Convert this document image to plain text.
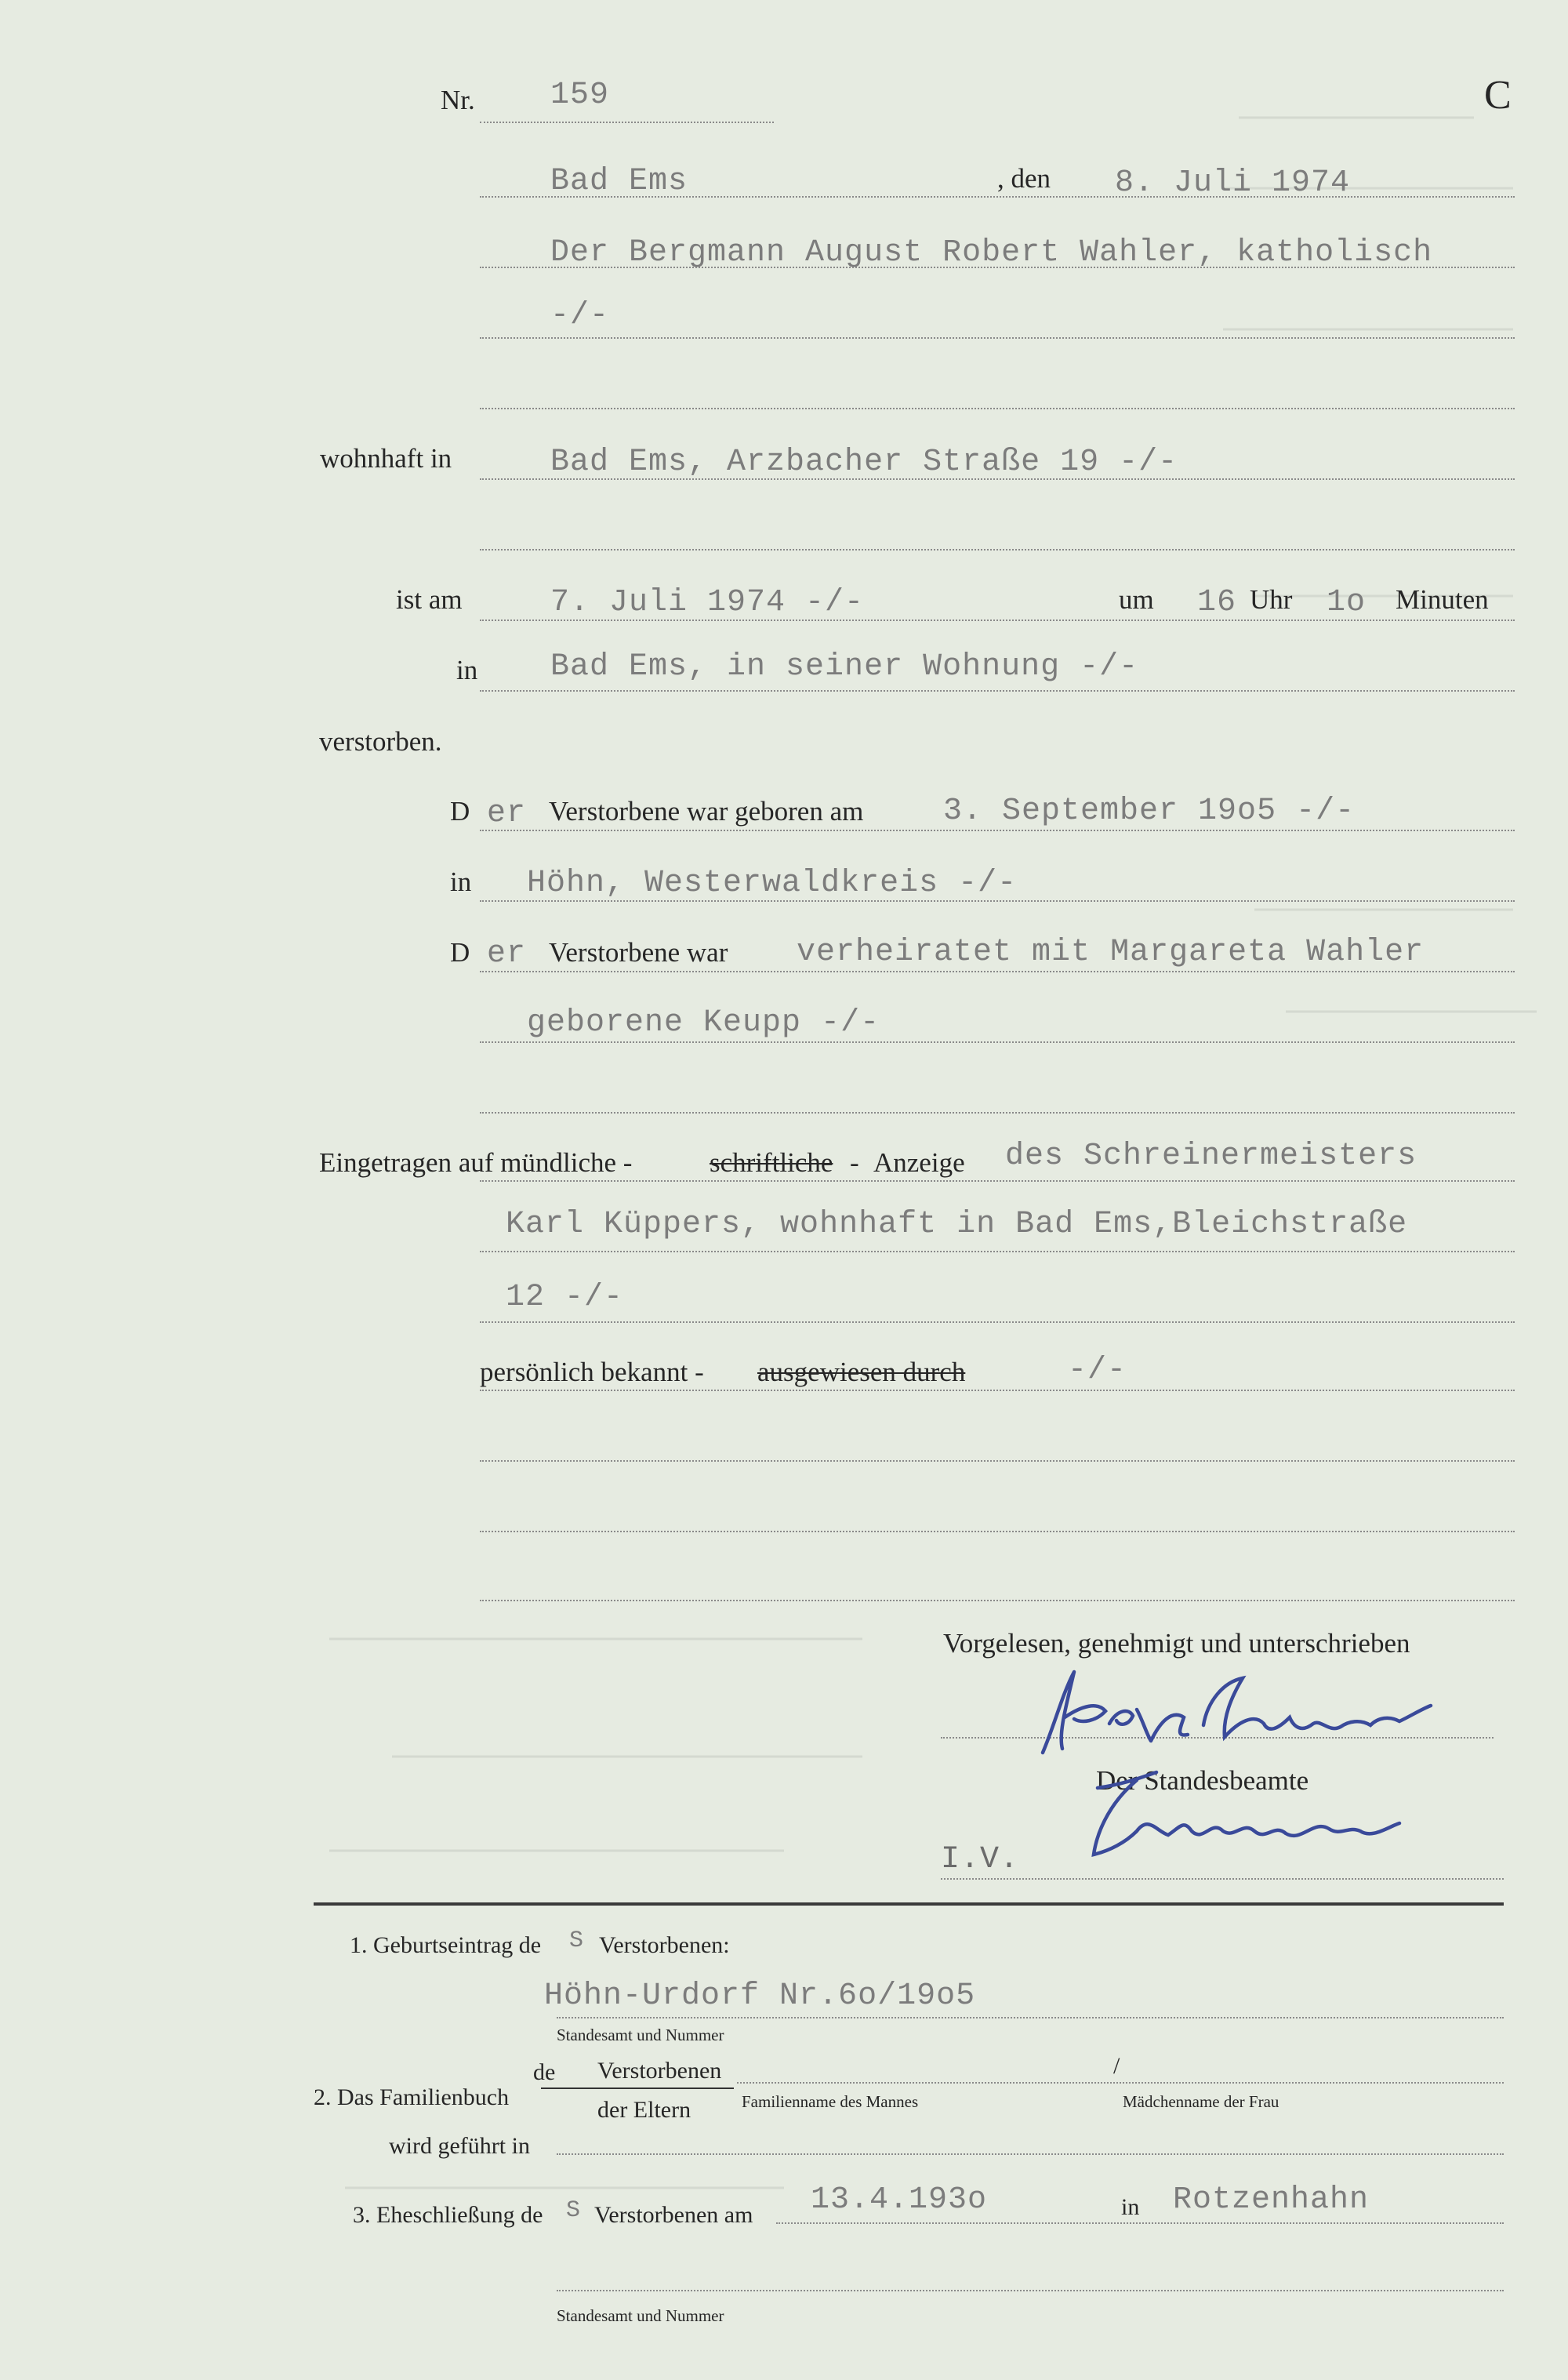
Nr. 159	C
Bad Ems	, den 8. Juli 1974
Der Bergmann August Robert Wahler, katholisch
-/-
wohnhaft in	Bad Ems, Arzbacher Straße 19 -/-
ist am	7. Juli 1974 -/-	um 16 Uhr 1o Minuten
in Bad Ems, in seiner Wohnung -/-
verstorben.
D er Verstorbene war geboren am	3. September 19o5 -/-
in Höhn, Westerwaldkreis -/-
D er Verstorbene war verheiratet mit Margareta Wahler
geborene Keupp -/-
Eingetragen auf mündliche -	schriftliche - Anzeige des Schreinermeisters
Karl Küppers, wohnhaft in Bad Ems,Bleichstraße
12 -/-
persönlich bekannt - ausgewiesen durch	-/-
Vorgelesen, genehmigt und unterschrieben
Der Standesbeamte
I.V.
1. Geburtseintrag de S Verstorbenen:
Höhn-Urdorf Nr.6o/19o5
Standesamt und Nummer
de Verstorbenen	/
2. Das Familienbuch	der Eltern	Familienname des Mannes	Mädchenname der Frau
wird geführt in
3. Eheschließung de S Verstorbenen am 13.4.193o	in Rotzenhahn
Standesamt und Nummer
